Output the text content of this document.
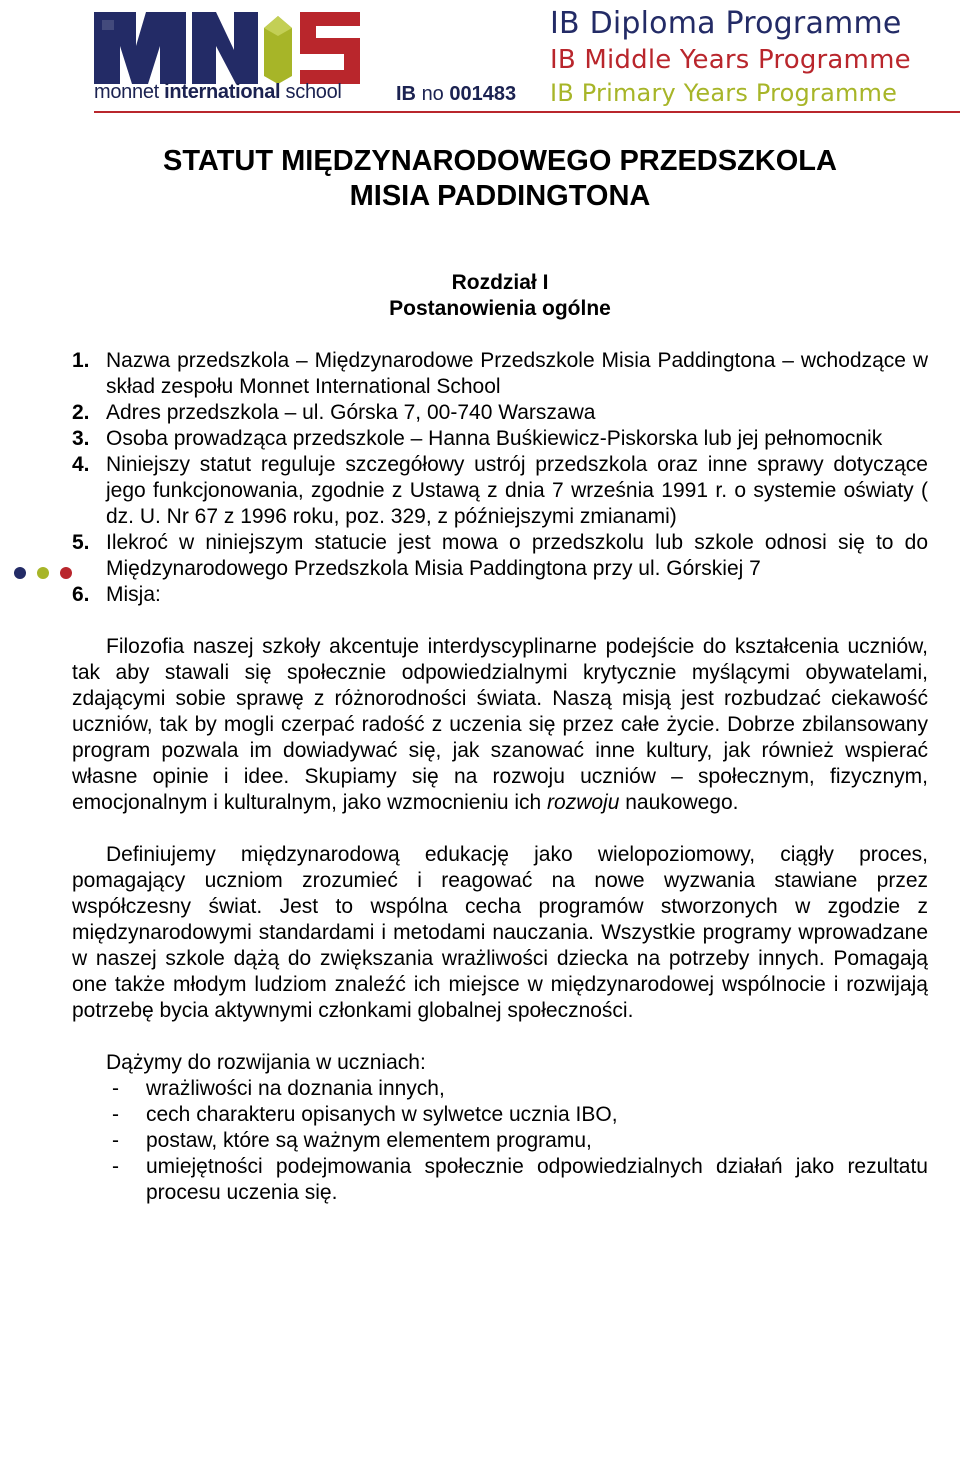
monnet international school	IB no 001483
IB Diploma Programme
IB Middle Years Programme
IB Primary Years Programme
STATUT MIĘDZYNARODOWEGO PRZEDSZKOLA
MISIA PADDINGTONA
Rozdział I
Postanowienia ogólne
1. Nazwa przedszkola – Międzynarodowe Przedszkole Misia Paddingtona – wchodzące w skład zespołu Monnet International School
2. Adres przedszkola – ul. Górska 7, 00-740 Warszawa
3. Osoba prowadząca przedszkole – Hanna Buśkiewicz-Piskorska lub jej pełnomocnik
4. Niniejszy statut reguluje szczegółowy ustrój przedszkola oraz inne sprawy dotyczące jego funkcjonowania, zgodnie z Ustawą z dnia 7 września 1991 r. o systemie oświaty ( dz. U. Nr 67 z 1996 roku, poz. 329, z późniejszymi zmianami)
5. Ilekroć w niniejszym statucie jest mowa o przedszkolu lub szkole odnosi się to do Międzynarodowego Przedszkola Misia Paddingtona przy ul. Górskiej 7
6. Misja:

Filozofia naszej szkoły akcentuje interdyscyplinarne podejście do kształcenia uczniów, tak aby stawali się społecznie odpowiedzialnymi krytycznie myślącymi obywatelami, zdającymi sobie sprawę z różnorodności świata. Naszą misją jest rozbudzać ciekawość uczniów, tak by mogli czerpać radość z uczenia się przez całe życie. Dobrze zbilansowany program pozwala im dowiadywać się, jak szanować inne kultury, jak również wspierać własne opinie i idee. Skupiamy się na rozwoju uczniów – społecznym, fizycznym, emocjonalnym i kulturalnym, jako wzmocnieniu ich rozwoju naukowego.

Definiujemy międzynarodową edukację jako wielopoziomowy, ciągły proces, pomagający uczniom zrozumieć i reagować na nowe wyzwania stawiane przez współczesny świat. Jest to wspólna cecha programów stworzonych w zgodzie z międzynarodowymi standardami i metodami nauczania. Wszystkie programy wprowadzane w naszej szkole dążą do zwiększania wrażliwości dziecka na potrzeby innych. Pomagają one także młodym ludziom znaleźć ich miejsce w międzynarodowej wspólnocie i rozwijają potrzebę bycia aktywnymi członkami globalnej społeczności.

Dążymy do rozwijania w uczniach:

- wrażliwości na doznania innych,
- cech charakteru opisanych w sylwetce ucznia IBO,
- postaw, które są ważnym elementem programu,
- umiejętności podejmowania społecznie odpowiedzialnych działań jako rezultatu procesu uczenia się.
